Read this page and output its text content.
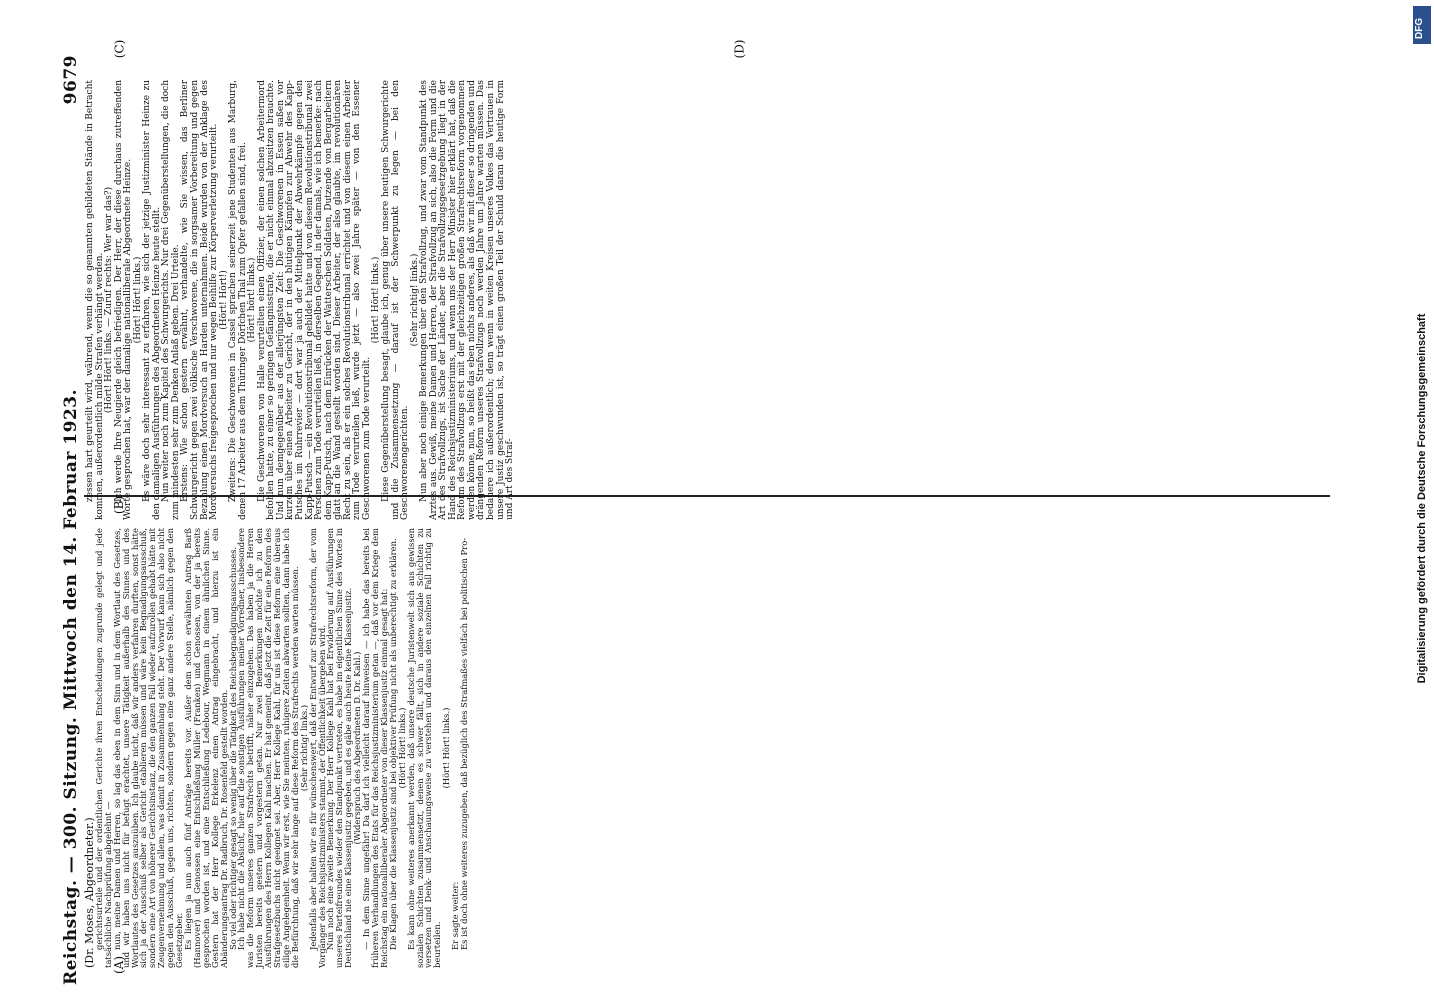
Reichstag. — 300. Sitzung. Mittwoch den 14. Februar 1923.
9679

(Dr. Moses, Abgeordneter.)

gerichtsurteile und der ordentlichen Gerichte ihren Entscheidungen zugrunde gelegt und jede tatsächliche Nachprüfung abgelehnt —

nun, meine Damen und Herren, so lag das eben in dem Sinn und in dem Wortlaut des Gesetzes, und wir haben uns nicht für befugt erachtet, unsere Tätigkeit außerhalb des Sinnes und des Wortlautes des Gesetzes auszuüben. Ich glaube nicht, daß wir anders verfahren durften, sonst hätte sich ja der Ausschuß selber als Gericht etablieren müssen und wäre kein Begnadigungsausschuß, sondern eine Art von höherer Gerichtsinstanz, die den ganzen Fall wieder aufzurollen gehabt hätte mit Zeugenvernehmung und allem, was damit in Zusammenhang steht. Der Vorwurf kann sich also nicht gegen den Ausschuß, gegen uns, richten, sondern gegen eine ganz andere Stelle, nämlich gegen den Gesetzgeber.

Es liegen ja nun auch fünf Anträge bereits vor. Außer dem schon erwähnten Antrag Barß (Hannover) und Genossen eine Entschließung Müller (Franken) und Genossen, von der ja bereits gesprochen worden ist, und eine Entschließung Ledebour, Wegmann in einem ähnlichen Sinne. Gestern hat der Herr Kollege Erkelenz einen Antrag eingebracht, und hierzu ist ein Abänderungsantrag Dr. Radbruch, Dr. Rosenfeld gestellt worden.

So viel oder richtiger gesagt so wenig über die Tätigkeit des Reichsbegnadigungsausschusses.

Ich habe nicht die Absicht, hier auf die sonstigen Ausführungen meiner Vorredner, insbesondere was die Reform unseres ganzen Strafrechts betrifft, näher einzugehen. Das haben ja die Herren Juristen bereits gestern und vorgestern getan. Nur zwei Bemerkungen möchte ich zu den Ausführungen des Herrn Kollegen Kahl machen. Er hat gemeint, daß jetzt die Zeit für eine Reform des Strafgesetzbuchs nicht geeignet sei. Aber, Herr Kollege Kahl, für uns ist diese Reform eine überaus eilige Angelegenheit. Wenn wir erst, wie Sie meinten, ruhigere Zeiten abwarten sollten, dann habe ich die Befürchtung, daß wir sehr lange auf diese Reform des Strafrechts werden warten müssen.

(Sehr richtig! links.)

Jedenfalls aber halten wir es für wünschenswert, daß der Entwurf zur Strafrechtsreform, der vom Vorgänger des Reichsjustizministers stammt, der Öffentlichkeit übergeben wird.

Nun noch eine zweite Bemerkung. Der Herr Kollege Kahl hat bei Erwiderung auf Ausführungen unseres Parteifreundes wieder den Standpunkt vertreten, es habe im eigentlichen Sinne des Wortes in Deutschland nie eine Klassenjustiz gegeben, und es gäbe auch heute keine Klassenjustiz.

(Widerspruch des Abgeordneten D. Dr. Kahl.)

— In dem Sinne ungefähr! Da darf ich vielleicht darauf hinweisen — ich habe das bereits bei früheren Verhandlungen des Etats für das Reichsjustizministerium getan —, daß vor dem Kriege dem Reichstag ein nationalliberaler Abgeordneter von dieser Klassenjustiz einmal gesagt hat:

Die Klagen über die Klassenjustiz sind bei objektiver Prüfung nicht als unberechtigt zu erklären.

(Hört! Hört! links.)

Es kann ohne weiteres anerkannt werden, daß unsere deutsche Juristenwelt sich aus gewissen sozialen Schichten zusammensetzt, denen es schwer fällt, sich in andere soziale Schichten zu versetzen und Denk- und Anschauungsweise zu verstehen und daraus den einzelnen Fall richtig zu beurteilen.

(Hört! Hört! links.)

Er sagte weiter:

Es ist doch ohne weiteres zuzugeben, daß bezüglich des Strafmaßes vielfach bei politischen Pro-

zessen hart geurteilt wird, während, wenn die so genannten gebildeten Stände in Betracht kommen, außerordentlich milde Strafen verhängt werden. (Hört! Hört! links. — Zuruf rechts: Wer war das?) Ich werde Ihre Neugierde gleich befriedigen. Der Herr, der diese durchaus zutreffenden Worte gesprochen hat, war der damalige nationalliberale Abgeordnete Heinze. (Hört! Hört! links.) Es wäre doch sehr interessant zu erfahren, wie sich der jetzige Justizminister Heinze zu den damaligen Ausführungen des Abgeordneten Heinze heute stellt. Nun weiter noch zum Kapitel des Schwurgerichts. Nur drei Gegenüberstellungen, die doch zum mindesten sehr zum Denken Anlaß geben. Drei Urteile. Erstens: Wie schon gestern erwähnt, verhandelte, wie Sie wissen, das Berliner Schwurgericht gegen zwei völkische Verschworene, die in sorgsamer Vorbereitung und gegen Bezahlung einen Mordversuch an Harden unternahmen. Beide wurden von der Anklage des Mordversuchs freigesprochen und nur wegen Beihilfe zur Körperverletzung verurteilt. (Hört! Hört!) Zweitens: Die Geschworenen in Cassel sprachen seinerzeit jene Studenten aus Marburg, denen 17 Arbeiter aus dem Thüringer Dörfchen Thal zum Opfer gefallen sind, frei. (Hört! hört! links.) Die Geschworenen von Halle verurteilten einen Offizier, der einen solchen Arbeitermord befohlen hatte, zu einer so geringen Gefängnisstrafe, die er nicht einmal abzusitzen brauchte. Und nun demgegenüber aus der allerjüngsten Zeit: Die Geschworenen in Essen saßen vor kurzem über einen Arbeiter zu Gericht, der in den blutigen Kämpfen zur Abwehr des Kapp-Putsches im Ruhrrevier — dort war ja auch der Mittelpunkt der Abwehrkämpfe gegen den Kapp-Putsch — ein Revolutionstribunal gebildet hatte und von diesem Revolutionstribunal zwei Personen zum Tode verurteilen ließ, in derselben Gegend, in der damals, wie ich bemerke: nach dem Kapp-Putsch, nach dem Einrücken der Watterschen Soldaten, Dutzende von Bergarbeitern glatt an die Wand gestellt worden sind. Dieser Arbeiter, der also glaubte, im revolutionären Recht zu sein, als er ein solches Revolutionstribunal errichtet und von diesem einen Arbeiter zum Tode verurteilen ließ, wurde jetzt — also zwei Jahre später — von den Essener Geschworenen zum Tode verurteilt.

(Hört! Hört! links.) Diese Gegenüberstellung besagt, glaube ich, genug über unsere heutigen Schwurgerichte und die Zusammensetzung — darauf ist der Schwerpunkt zu legen — bei den Geschworenengerichten.

(Sehr richtig! links.) Nun aber noch einige Bemerkungen über den Strafvollzug, und zwar vom Standpunkt des Arztes aus. Gewiß, meine Damen und Herren, der Strafvollzug an sich, also die Form und die Art des Strafvollzugs, ist Sache der Länder, aber die Strafvollzugsgesetzgebung liegt in der Hand des Reichsjustizministeriums, und wenn uns der Herr Minister hier erklärt hat, daß die Reform des Strafvollzugs erst mit der gleichzeitigen großen Strafrechtsreform vorgenommen werden könne, nun, so heißt das eben nichts anderes, als daß wir mit dieser so dringenden und drängenden Reform unseres Strafvollzugs noch werden Jahre um Jahre warten müssen. Das bedauere ich außerordentlich; denn wenn in weiten Kreisen unseres Volkes das Vertrauen in unsere Justiz geschwunden ist, so trägt einen großen Teil der Schuld daran die heutige Form und Art des Straf-

(A)
(B)
(C)	(D)
DFG
Digitalisierung gefördert durch die Deutsche Forschungsgemeinschaft
